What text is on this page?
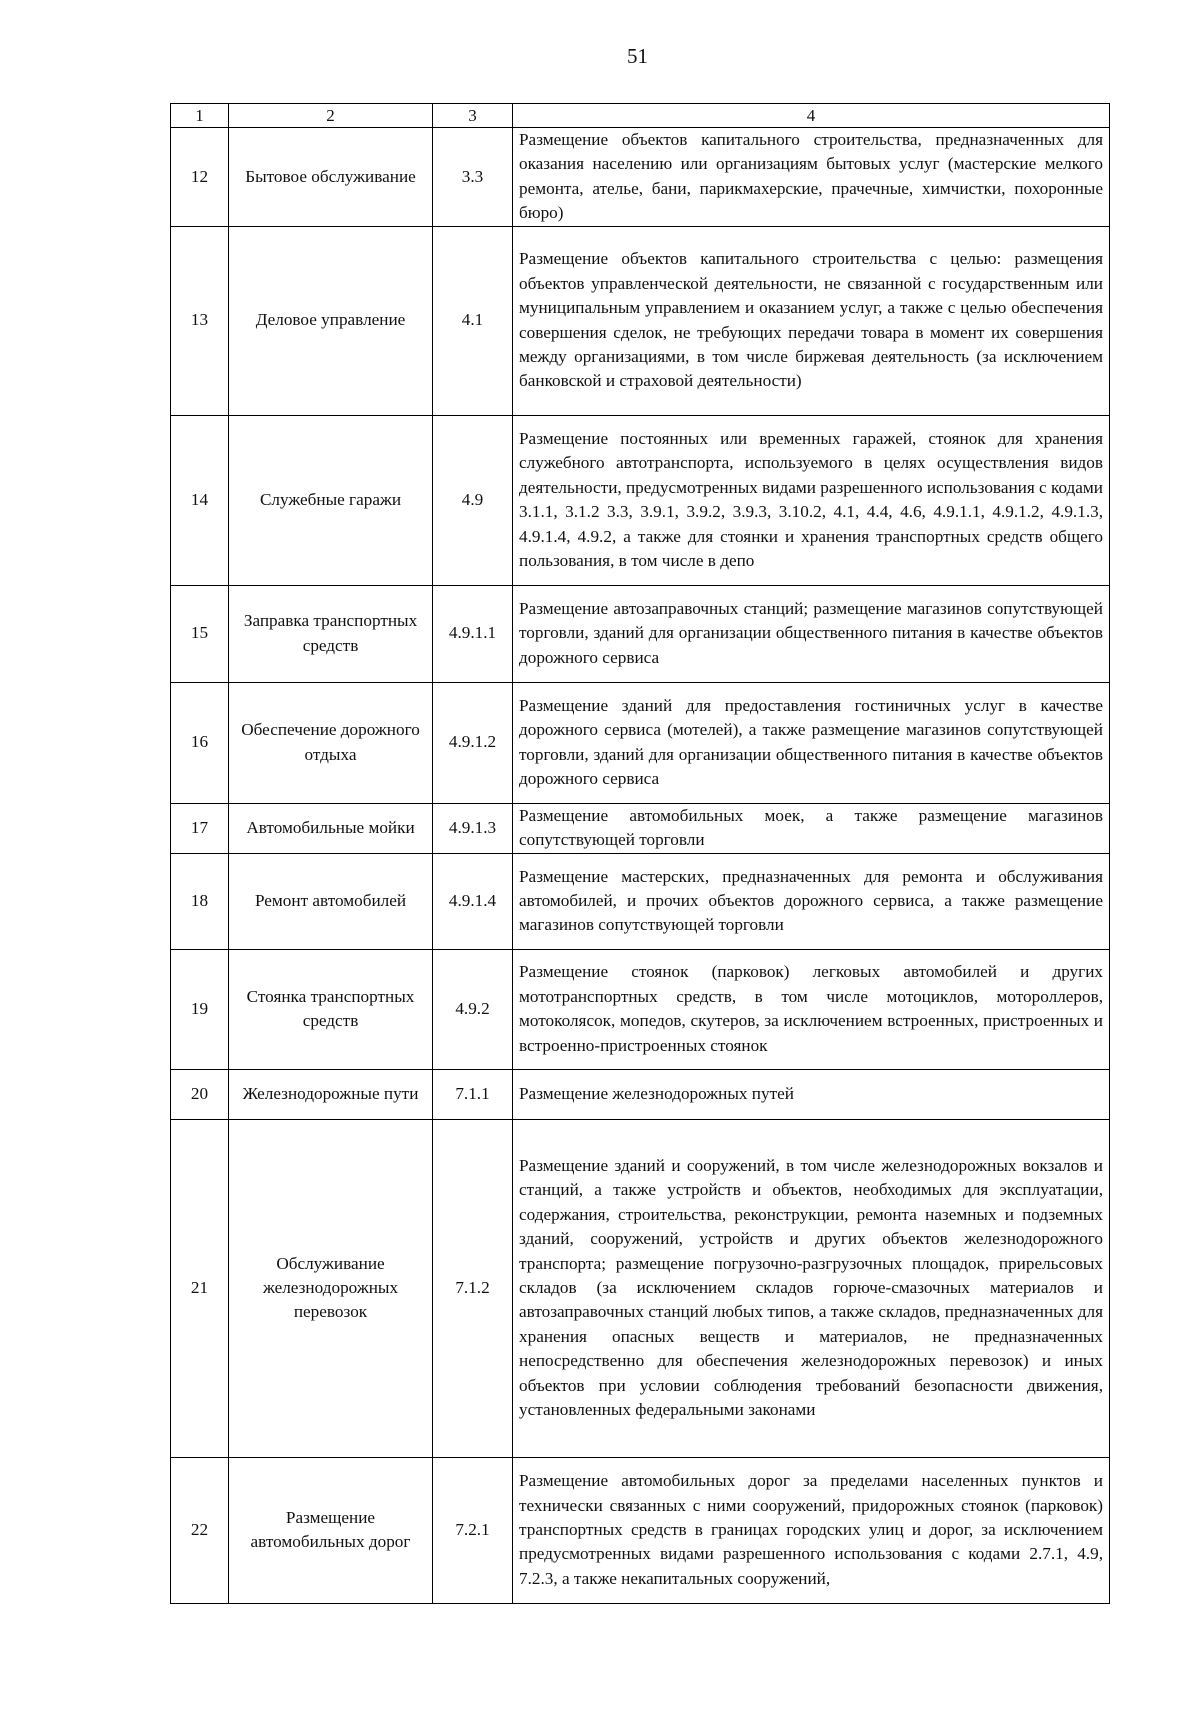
51
1	2	3	4
12	Бытовое обслуживание	3.3	Размещение объектов капитального строительства, предназначенных для оказания населению или организациям бытовых услуг (мастерские мелкого ремонта, ателье, бани, парикмахерские, прачечные, химчистки, похоронные бюро)
13	Деловое управление	4.1	Размещение объектов капитального строительства с целью: размещения объектов управленческой деятельности, не связанной с государственным или муниципальным управлением и оказанием услуг, а также с целью обеспечения совершения сделок, не требующих передачи товара в момент их совершения между организациями, в том числе биржевая деятельность (за исключением банковской и страховой деятельности)
14	Служебные гаражи	4.9	Размещение постоянных или временных гаражей, стоянок для хранения служебного автотранспорта, используемого в целях осуществления видов деятельности, предусмотренных видами разрешенного использования с кодами 3.1.1, 3.1.2 3.3, 3.9.1, 3.9.2, 3.9.3, 3.10.2, 4.1, 4.4, 4.6, 4.9.1.1, 4.9.1.2, 4.9.1.3, 4.9.1.4, 4.9.2, а также для стоянки и хранения транспортных средств общего пользования, в том числе в депо
15	Заправка транспортных средств	4.9.1.1	Размещение автозаправочных станций; размещение магазинов сопутствующей торговли, зданий для организации общественного питания в качестве объектов дорожного сервиса
16	Обеспечение дорожного отдыха	4.9.1.2	Размещение зданий для предоставления гостиничных услуг в качестве дорожного сервиса (мотелей), а также размещение магазинов сопутствующей торговли, зданий для организации общественного питания в качестве объектов дорожного сервиса
17	Автомобильные мойки	4.9.1.3	Размещение автомобильных моек, а также размещение магазинов сопутствующей торговли
18	Ремонт автомобилей	4.9.1.4	Размещение мастерских, предназначенных для ремонта и обслуживания автомобилей, и прочих объектов дорожного сервиса, а также размещение магазинов сопутствующей торговли
19	Стоянка транспортных средств	4.9.2	Размещение стоянок (парковок) легковых автомобилей и других мототранспортных средств, в том числе мотоциклов, мотороллеров, мотоколясок, мопедов, скутеров, за исключением встроенных, пристроенных и встроенно-пристроенных стоянок
20	Железнодорожные пути	7.1.1	Размещение железнодорожных путей
21	Обслуживание железнодорожных перевозок	7.1.2	Размещение зданий и сооружений, в том числе железнодорожных вокзалов и станций, а также устройств и объектов, необходимых для эксплуатации, содержания, строительства, реконструкции, ремонта наземных и подземных зданий, сооружений, устройств и других объектов железнодорожного транспорта; размещение погрузочно-разгрузочных площадок, прирельсовых складов (за исключением складов горюче-смазочных материалов и автозаправочных станций любых типов, а также складов, предназначенных для хранения опасных веществ и материалов, не предназначенных непосредственно для обеспечения железнодорожных перевозок) и иных объектов при условии соблюдения требований безопасности движения, установленных федеральными законами
22	Размещение автомобильных дорог	7.2.1	Размещение автомобильных дорог за пределами населенных пунктов и технически связанных с ними сооружений, придорожных стоянок (парковок) транспортных средств в границах городских улиц и дорог, за исключением предусмотренных видами разрешенного использования с кодами 2.7.1, 4.9, 7.2.3, а также некапитальных сооружений,
